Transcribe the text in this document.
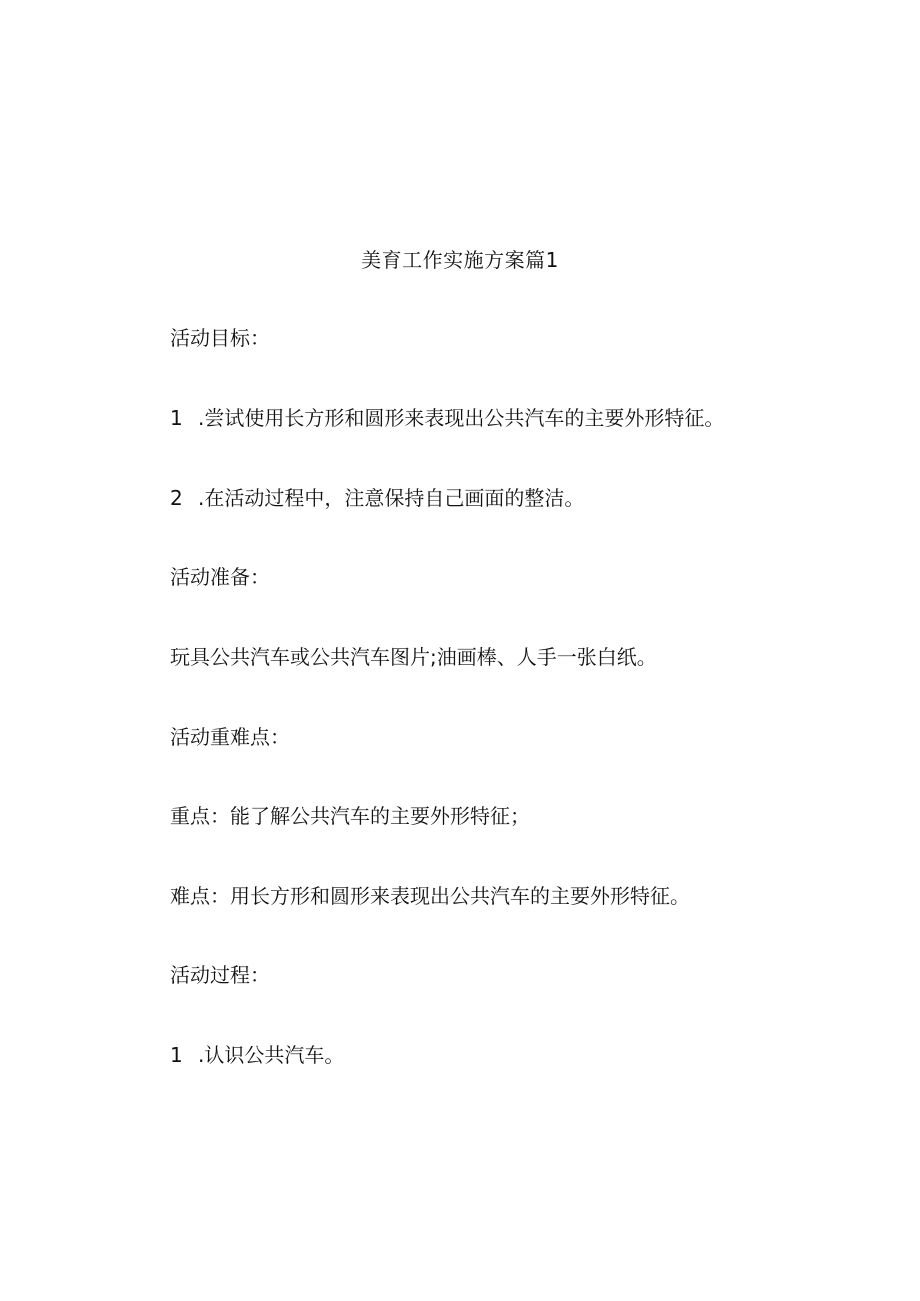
美育工作实施方案篇1
活动目标：
1 .尝试使用长方形和圆形来表现出公共汽车的主要外形特征。
2 .在活动过程中，注意保持自己画面的整洁。
活动准备：
玩具公共汽车或公共汽车图片;油画棒、人手一张白纸。
活动重难点：
重点：能了解公共汽车的主要外形特征；
难点：用长方形和圆形来表现出公共汽车的主要外形特征。
活动过程：
1 .认识公共汽车。
